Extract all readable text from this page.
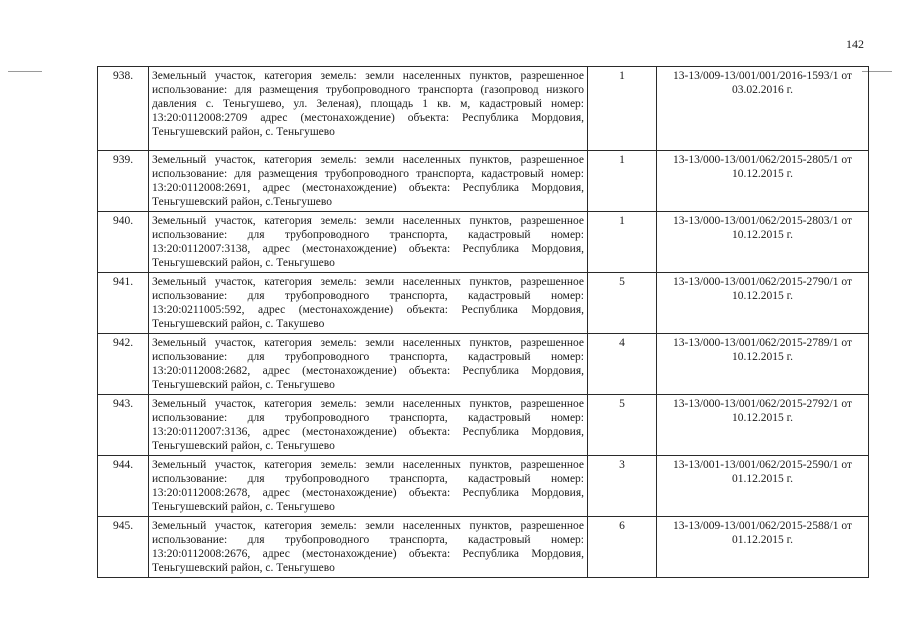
142
938.	Земельный участок, категория земель: земли населенных пунктов, разрешенное использование: для размещения трубопроводного транспорта (газопровод низкого давления с. Теньгушево, ул. Зеленая), площадь 1 кв. м, кадастровый номер: 13:20:0112008:2709 адрес (местонахождение) объекта: Республика Мордовия, Теньгушевский район, с. Теньгушево	1	13-13/009-13/001/001/2016-1593/1 от 03.02.2016 г.
939.	Земельный участок, категория земель: земли населенных пунктов, разрешенное использование: для размещения трубопроводного транспорта, кадастровый номер: 13:20:0112008:2691, адрес (местонахождение) объекта: Республика Мордовия, Теньгушевский район, с.Теньгушево	1	13-13/000-13/001/062/2015-2805/1 от 10.12.2015 г.
940.	Земельный участок, категория земель: земли населенных пунктов, разрешенное использование: для трубопроводного транспорта, кадастровый номер: 13:20:0112007:3138, адрес (местонахождение) объекта: Республика Мордовия, Теньгушевский район, с. Теньгушево	1	13-13/000-13/001/062/2015-2803/1 от 10.12.2015 г.
941.	Земельный участок, категория земель: земли населенных пунктов, разрешенное использование: для трубопроводного транспорта, кадастровый номер: 13:20:0211005:592, адрес (местонахождение) объекта: Республика Мордовия, Теньгушевский район, с. Такушево	5	13-13/000-13/001/062/2015-2790/1 от 10.12.2015 г.
942.	Земельный участок, категория земель: земли населенных пунктов, разрешенное использование: для трубопроводного транспорта, кадастровый номер: 13:20:0112008:2682, адрес (местонахождение) объекта: Республика Мордовия, Теньгушевский район, с. Теньгушево	4	13-13/000-13/001/062/2015-2789/1 от 10.12.2015 г.
943.	Земельный участок, категория земель: земли населенных пунктов, разрешенное использование: для трубопроводного транспорта, кадастровый номер: 13:20:0112007:3136, адрес (местонахождение) объекта: Республика Мордовия, Теньгушевский район, с. Теньгушево	5	13-13/000-13/001/062/2015-2792/1 от 10.12.2015 г.
944.	Земельный участок, категория земель: земли населенных пунктов, разрешенное использование: для трубопроводного транспорта, кадастровый номер: 13:20:0112008:2678, адрес (местонахождение) объекта: Республика Мордовия, Теньгушевский район, с. Теньгушево	3	13-13/001-13/001/062/2015-2590/1 от 01.12.2015 г.
945.	Земельный участок, категория земель: земли населенных пунктов, разрешенное использование: для трубопроводного транспорта, кадастровый номер: 13:20:0112008:2676, адрес (местонахождение) объекта: Республика Мордовия, Теньгушевский район, с. Теньгушево	6	13-13/009-13/001/062/2015-2588/1 от 01.12.2015 г.
